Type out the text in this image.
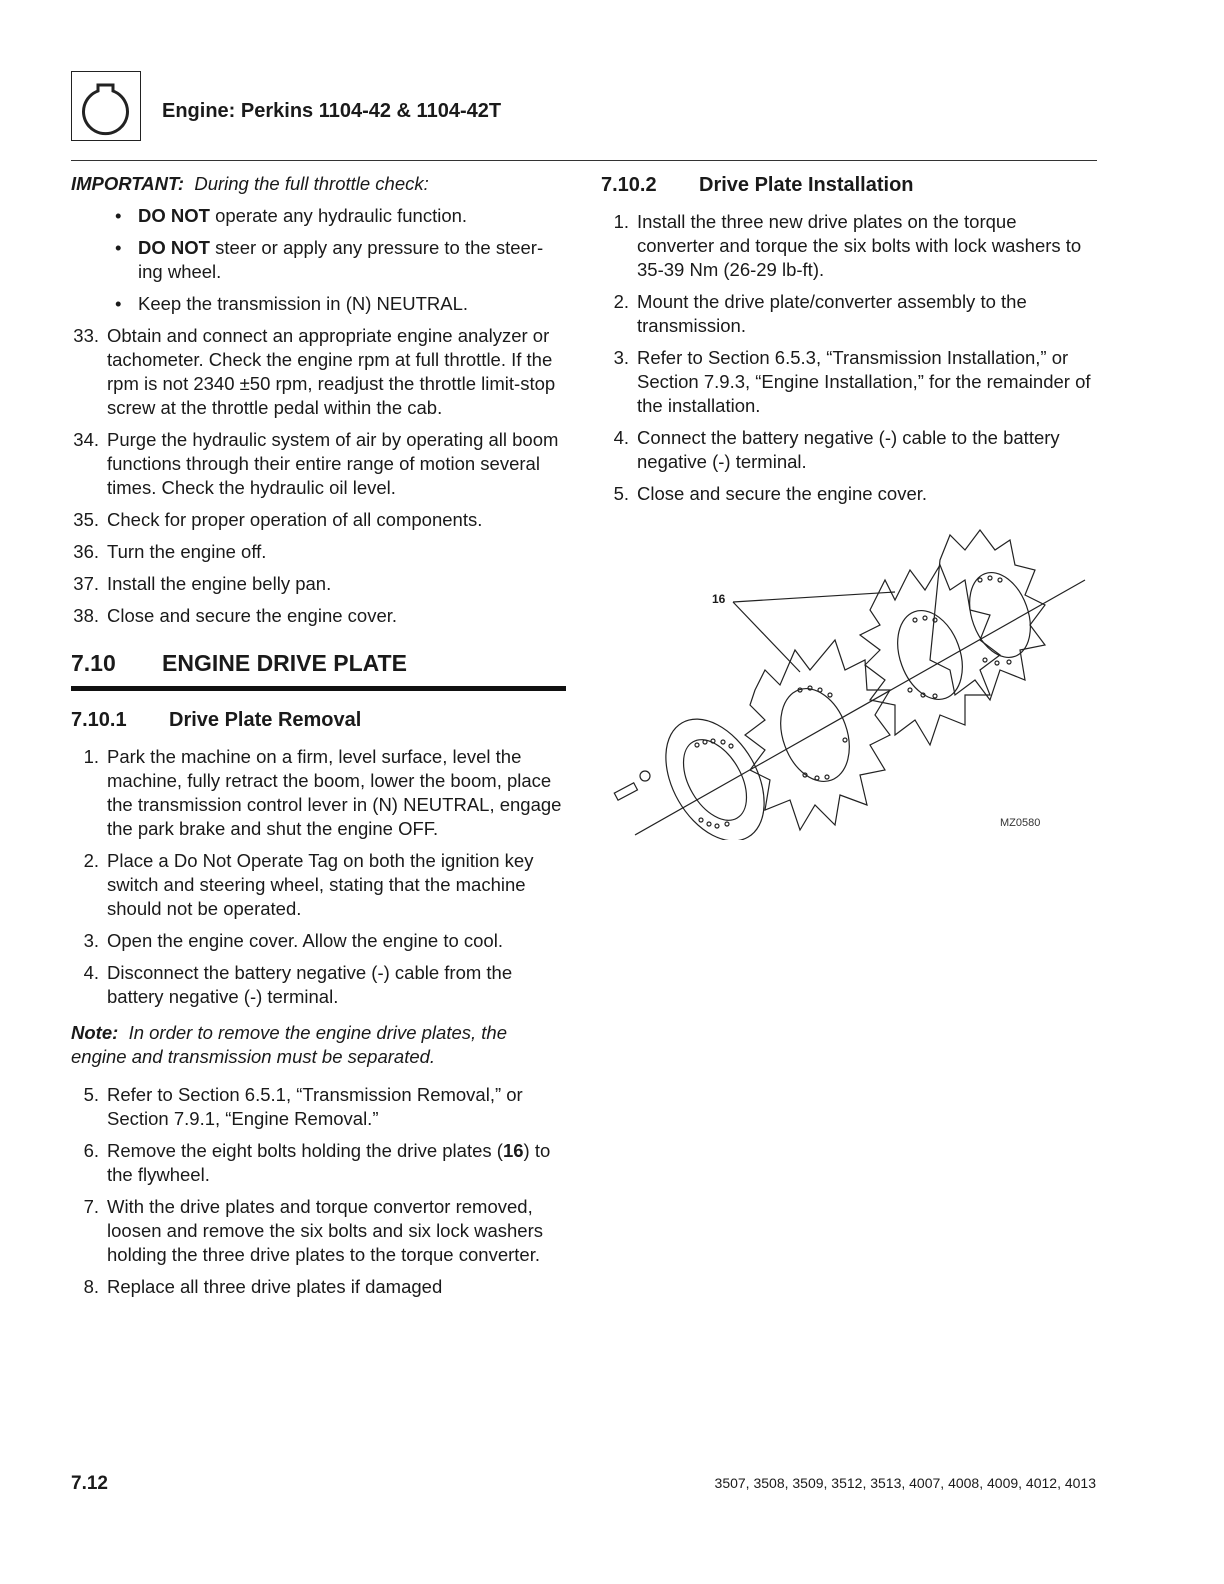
Engine: Perkins 1104-42 & 1104-42T

IMPORTANT: During the full throttle check:

• DO NOT operate any hydraulic function.
• DO NOT steer or apply any pressure to the steer-ing wheel.
• Keep the transmission in (N) NEUTRAL.
33. Obtain and connect an appropriate engine analyzer or tachometer. Check the engine rpm at full throttle. If the rpm is not 2340 ±50 rpm, readjust the throttle limit-stop screw at the throttle pedal within the cab.
34. Purge the hydraulic system of air by operating all boom functions through their entire range of motion several times. Check the hydraulic oil level.
35. Check for proper operation of all components.
36. Turn the engine off.
37. Install the engine belly pan.
38. Close and secure the engine cover.
7.10	ENGINE DRIVE PLATE
7.10.1	Drive Plate Removal
1. Park the machine on a firm, level surface, level the machine, fully retract the boom, lower the boom, place the transmission control lever in (N) NEUTRAL, engage the park brake and shut the engine OFF.
2. Place a Do Not Operate Tag on both the ignition key switch and steering wheel, stating that the machine should not be operated.
3. Open the engine cover. Allow the engine to cool.
4. Disconnect the battery negative (-) cable from the battery negative (-) terminal.

Note: In order to remove the engine drive plates, the engine and transmission must be separated.

5. Refer to Section 6.5.1, “Transmission Removal,” or Section 7.9.1, “Engine Removal.”
6. Remove the eight bolts holding the drive plates (16) to the flywheel.
7. With the drive plates and torque convertor removed, loosen and remove the six bolts and six lock washers holding the three drive plates to the torque converter.
8. Replace all three drive plates if damaged
7.10.2	Drive Plate Installation
1. Install the three new drive plates on the torque converter and torque the six bolts with lock washers to 35-39 Nm (26-29 lb-ft).
2. Mount the drive plate/converter assembly to the transmission.
3. Refer to Section 6.5.3, “Transmission Installation,” or Section 7.9.3, “Engine Installation,” for the remainder of the installation.
4. Connect the battery negative (-) cable to the battery negative (-) terminal.
5. Close and secure the engine cover.
16
MZ0580
7.12	3507, 3508, 3509, 3512, 3513, 4007, 4008, 4009, 4012, 4013
